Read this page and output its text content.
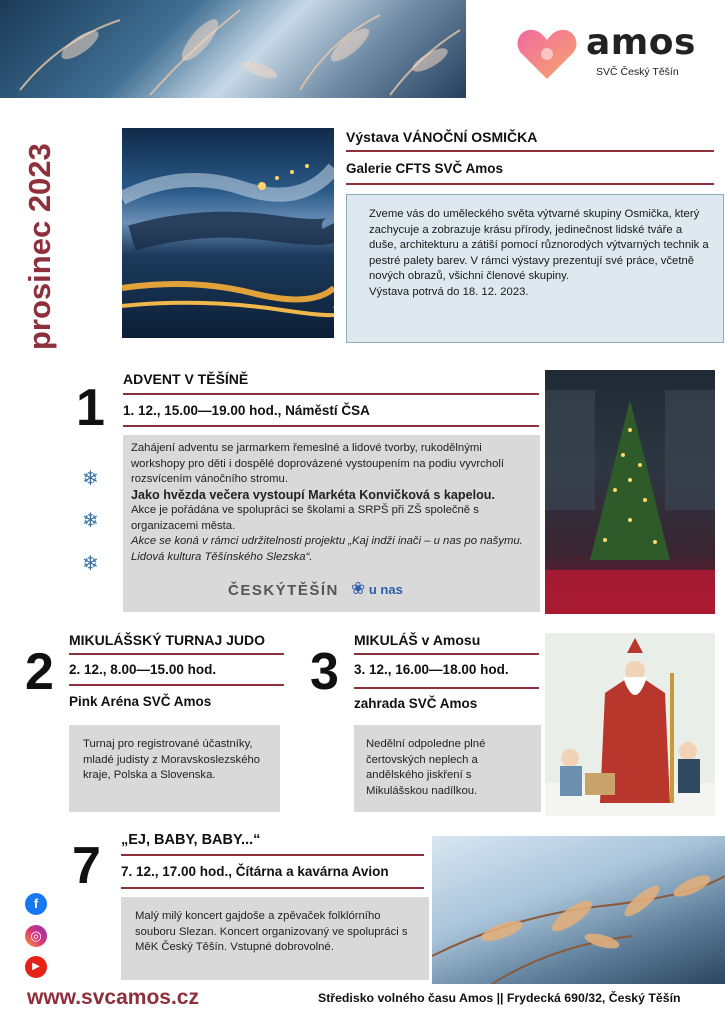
amos
SVČ Český Těšín
prosinec 2023
Výstava VÁNOČNÍ OSMIČKA
Galerie CFTS SVČ Amos
Zveme vás do uměleckého světa výtvarné skupiny Osmička, který zachycuje a zobrazuje krásu přírody, jedinečnost lidské tváře a duše, architekturu a zátiší pomocí různorodých výtvarných technik a pestré palety barev. V rámci výstavy prezentují své práce, včetně nových obrazů, všichni členové skupiny.
Výstava potrvá do 18. 12. 2023.
1 ADVENT V TĚŠÍNĚ
1. 12., 15.00—19.00 hod., Náměstí ČSA
Zahájení adventu se jarmarkem řemeslné a lidové tvorby, rukodělnými workshopy pro děti i dospělé doprovázené vystoupením na podiu vyvrcholí rozsvícením vánočního stromu.
Jako hvězda večera vystoupí Markéta Konvičková s kapelou.
Akce je pořádána ve spolupráci se školami a SRPŠ při ZŠ společně s organizacemi města.
Akce se koná v rámci udržitelnosti projektu „Kaj indži inači – u nas po našymu. Lidová kultura Těšínského Slezska“.
ČESKÝTĚŠÍN ❀ u nas
❄
❄
❄
2
MIKULÁŠSKÝ TURNAJ JUDO
2. 12., 8.00—15.00 hod.
Pink Aréna SVČ Amos
Turnaj pro registrované účastníky, mladé judisty z Moravskoslezského kraje, Polska a Slovenska.
3
MIKULÁŠ v Amosu
3. 12., 16.00—18.00 hod.
zahrada SVČ Amos
Nedělní odpoledne plné čertovských neplech a andělského jiskření s Mikulášskou nadílkou.
7 „EJ, BABY, BABY...“
7. 12., 17.00 hod., Čítárna a kavárna Avion
Malý milý koncert gajdoše a zpěvaček folklórního souboru Slezan. Koncert organizovaný ve spolupráci s MěK Český Těšín. Vstupné dobrovolné.
f
◎
▶
www.svcamos.cz	Středisko volného času Amos || Frydecká 690/32, Český Těšín
